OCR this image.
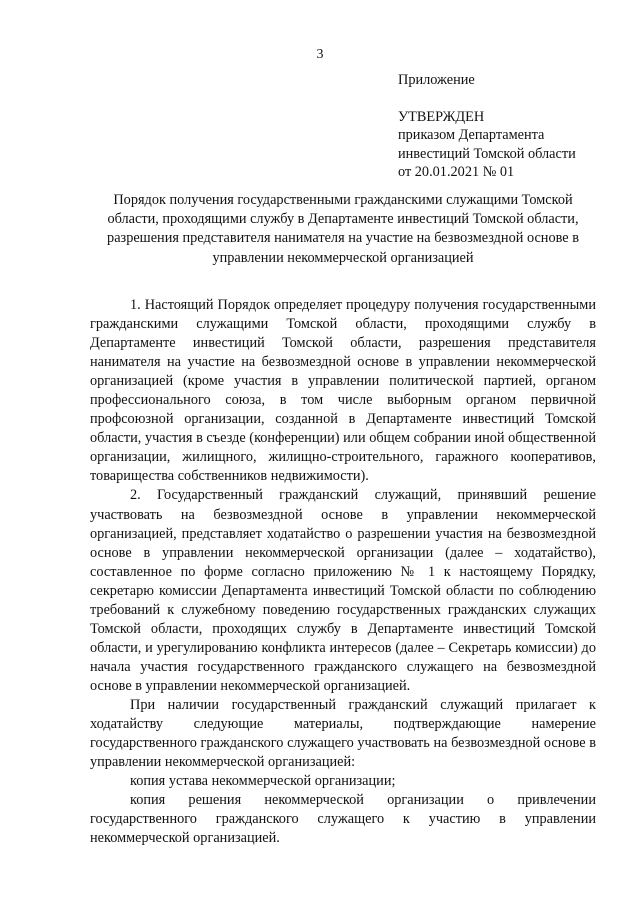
3
Приложение
УТВЕРЖДЕН
приказом Департамента
инвестиций Томской области
от 20.01.2021 № 01
Порядок получения государственными гражданскими служащими Томской области, проходящими службу в Департаменте инвестиций Томской области, разрешения представителя нанимателя на участие на безвозмездной основе в управлении некоммерческой организацией

1. Настоящий Порядок определяет процедуру получения государственными гражданскими служащими Томской области, проходящими службу в Департаменте инвестиций Томской области, разрешения представителя нанимателя на участие на безвозмездной основе в управлении некоммерческой организацией (кроме участия в управлении политической партией, органом профессионального союза, в том числе выборным органом первичной профсоюзной организации, созданной в Департаменте инвестиций Томской области, участия в съезде (конференции) или общем собрании иной общественной организации, жилищного, жилищно-строительного, гаражного кооперативов, товарищества собственников недвижимости).

2. Государственный гражданский служащий, принявший решение участвовать на безвозмездной основе в управлении некоммерческой организацией, представляет ходатайство о разрешении участия на безвозмездной основе в управлении некоммерческой организации (далее – ходатайство), составленное по форме согласно приложению № 1 к настоящему Порядку, секретарю комиссии Департамента инвестиций Томской области по соблюдению требований к служебному поведению государственных гражданских служащих Томской области, проходящих службу в Департаменте инвестиций Томской области, и урегулированию конфликта интересов (далее – Секретарь комиссии) до начала участия государственного гражданского служащего на безвозмездной основе в управлении некоммерческой организацией.

При наличии государственный гражданский служащий прилагает к ходатайству следующие материалы, подтверждающие намерение государственного гражданского служащего участвовать на безвозмездной основе в управлении некоммерческой организацией:

копия устава некоммерческой организации;

копия решения некоммерческой организации о привлечении государственного гражданского служащего к участию в управлении некоммерческой организацией.
